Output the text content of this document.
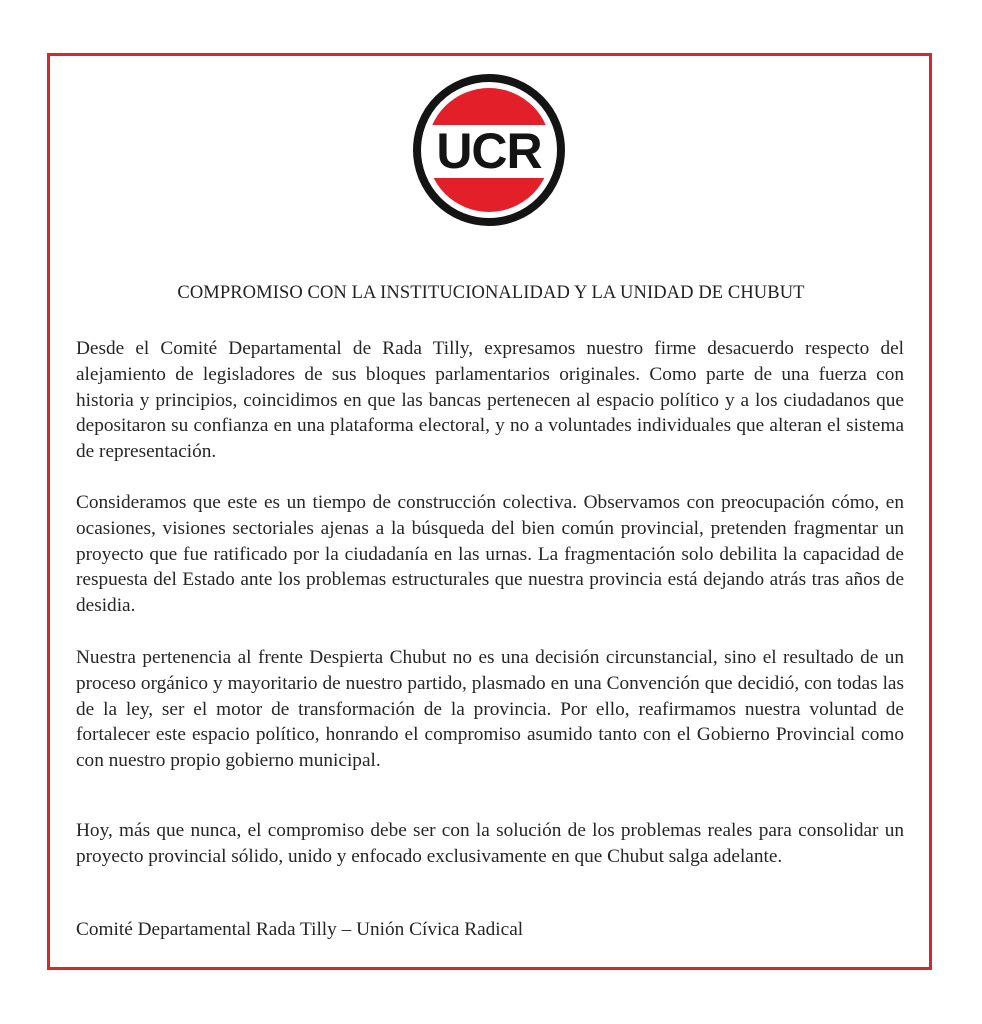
UCR
COMPROMISO CON LA INSTITUCIONALIDAD Y LA UNIDAD DE CHUBUT

Desde el Comité Departamental de Rada Tilly, expresamos nuestro firme desacuerdo respecto del alejamiento de legisladores de sus bloques parlamentarios originales. Como parte de una fuerza con historia y principios, coincidimos en que las bancas pertenecen al espacio político y a los ciudadanos que depositaron su confianza en una plataforma electoral, y no a voluntades individuales que alteran el sistema de representación.

Consideramos que este es un tiempo de construcción colectiva. Observamos con preocupación cómo, en ocasiones, visiones sectoriales ajenas a la búsqueda del bien común provincial, pretenden fragmentar un proyecto que fue ratificado por la ciudadanía en las urnas. La fragmentación solo debilita la capacidad de respuesta del Estado ante los problemas estructurales que nuestra provincia está dejando atrás tras años de desidia.

Nuestra pertenencia al frente Despierta Chubut no es una decisión circunstancial, sino el resultado de un proceso orgánico y mayoritario de nuestro partido, plasmado en una Convención que decidió, con todas las de la ley, ser el motor de transformación de la provincia. Por ello, reafirmamos nuestra voluntad de fortalecer este espacio político, honrando el compromiso asumido tanto con el Gobierno Provincial como con nuestro propio gobierno municipal.

Hoy, más que nunca, el compromiso debe ser con la solución de los problemas reales para consolidar un proyecto provincial sólido, unido y enfocado exclusivamente en que Chubut salga adelante.

Comité Departamental Rada Tilly – Unión Cívica Radical
